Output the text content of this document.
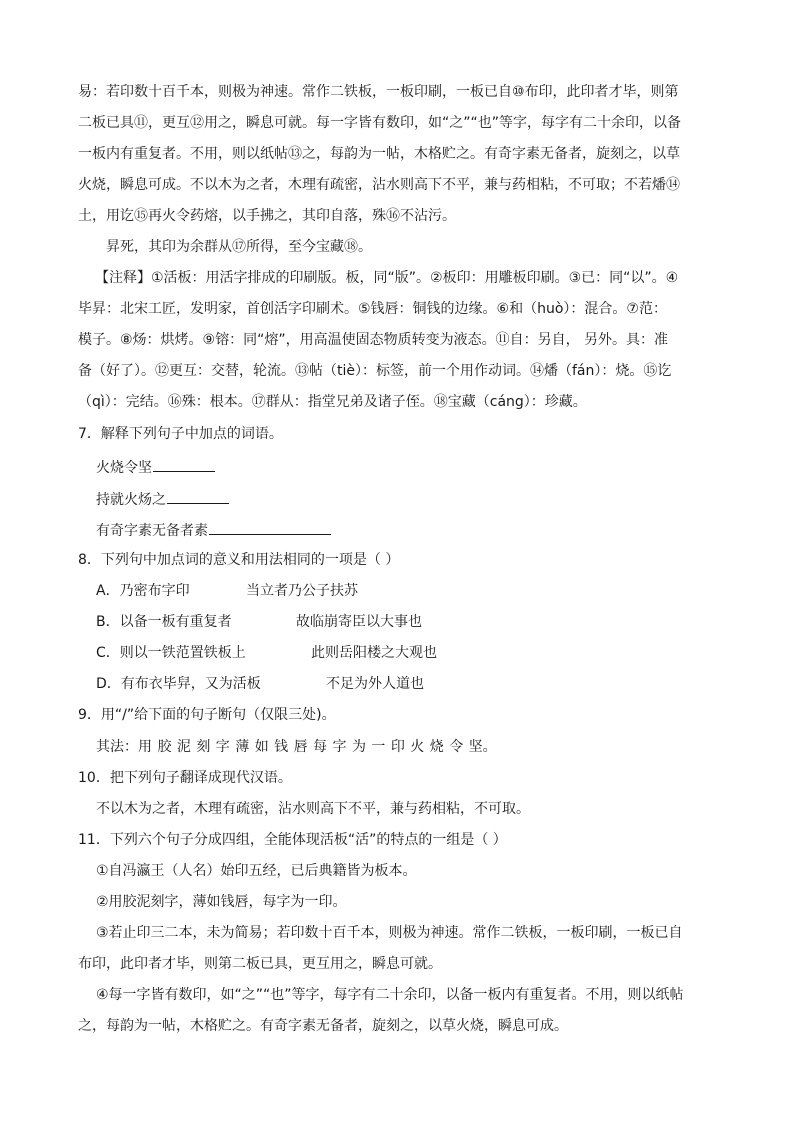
易：若印数十百千本，则极为神速。常作二铁板，一板印刷，一板已自⑩布印，此印者才毕，则第
二板已具⑪，更互⑫用之，瞬息可就。每一字皆有数印，如“之”“也”等字，每字有二十余印，以备
一板内有重复者。不用，则以纸帖⑬之，每韵为一帖，木格贮之。有奇字素无备者，旋刻之，以草
火烧，瞬息可成。不以木为之者，木理有疏密，沾水则高下不平，兼与药相粘，不可取；不若燔⑭
土，用讫⑮再火令药熔，以手拂之，其印自落，殊⑯不沾污。
昇死，其印为余群从⑰所得，至今宝藏⑱。
【注释】①活板：用活字排成的印刷版。板，同“版”。②板印：用雕板印刷。③已：同“以”。④
毕昇：北宋工匠，发明家，首创活字印刷术。⑤钱唇：铜钱的边缘。⑥和（huò）：混合。⑦范：
模子。⑧炀：烘烤。⑨镕：同“熔”，用高温使固态物质转变为液态。⑪自：另自， 另外。具：准
备（好了）。⑫更互：交替，轮流。⑬帖（tiè）：标签，前一个用作动词。⑭燔（fán）：烧。⑮讫
（qì）：完结。⑯殊：根本。⑰群从：指堂兄弟及诸子侄。⑱宝藏（cáng）：珍藏。
7．解释下列句子中加点的词语。
火烧令坚
持就火炀之
有奇字素无备者素
8．下列句中加点词的意义和用法相同的一项是（ ）
A．乃密布字印	当立者乃公子扶苏
B．以备一板有重复者	故临崩寄臣以大事也
C．则以一铁范置铁板上	此则岳阳楼之大观也
D．有布衣毕舁，又为活板	不足为外人道也
9．用“/”给下面的句子断句（仅限三处)。
其法：用 胶 泥 刻 字 薄 如 钱 唇 每 字 为 一 印 火 烧 令 坚。
10．把下列句子翻译成现代汉语。
不以木为之者，木理有疏密，沾水则高下不平，兼与药相粘，不可取。
11．下列六个句子分成四组，全能体现活板“活”的特点的一组是（ ）
①自冯瀛王（人名）始印五经，已后典籍皆为板本。
②用胶泥刻字，薄如钱唇，每字为一印。
③若止印三二本，未为简易；若印数十百千本，则极为神速。常作二铁板，一板印刷，一板已自
布印，此印者才毕，则第二板已具，更互用之，瞬息可就。
④每一字皆有数印，如“之”“也”等字，每字有二十余印，以备一板内有重复者。不用，则以纸帖
之，每韵为一帖，木格贮之。有奇字素无备者，旋刻之，以草火烧，瞬息可成。
